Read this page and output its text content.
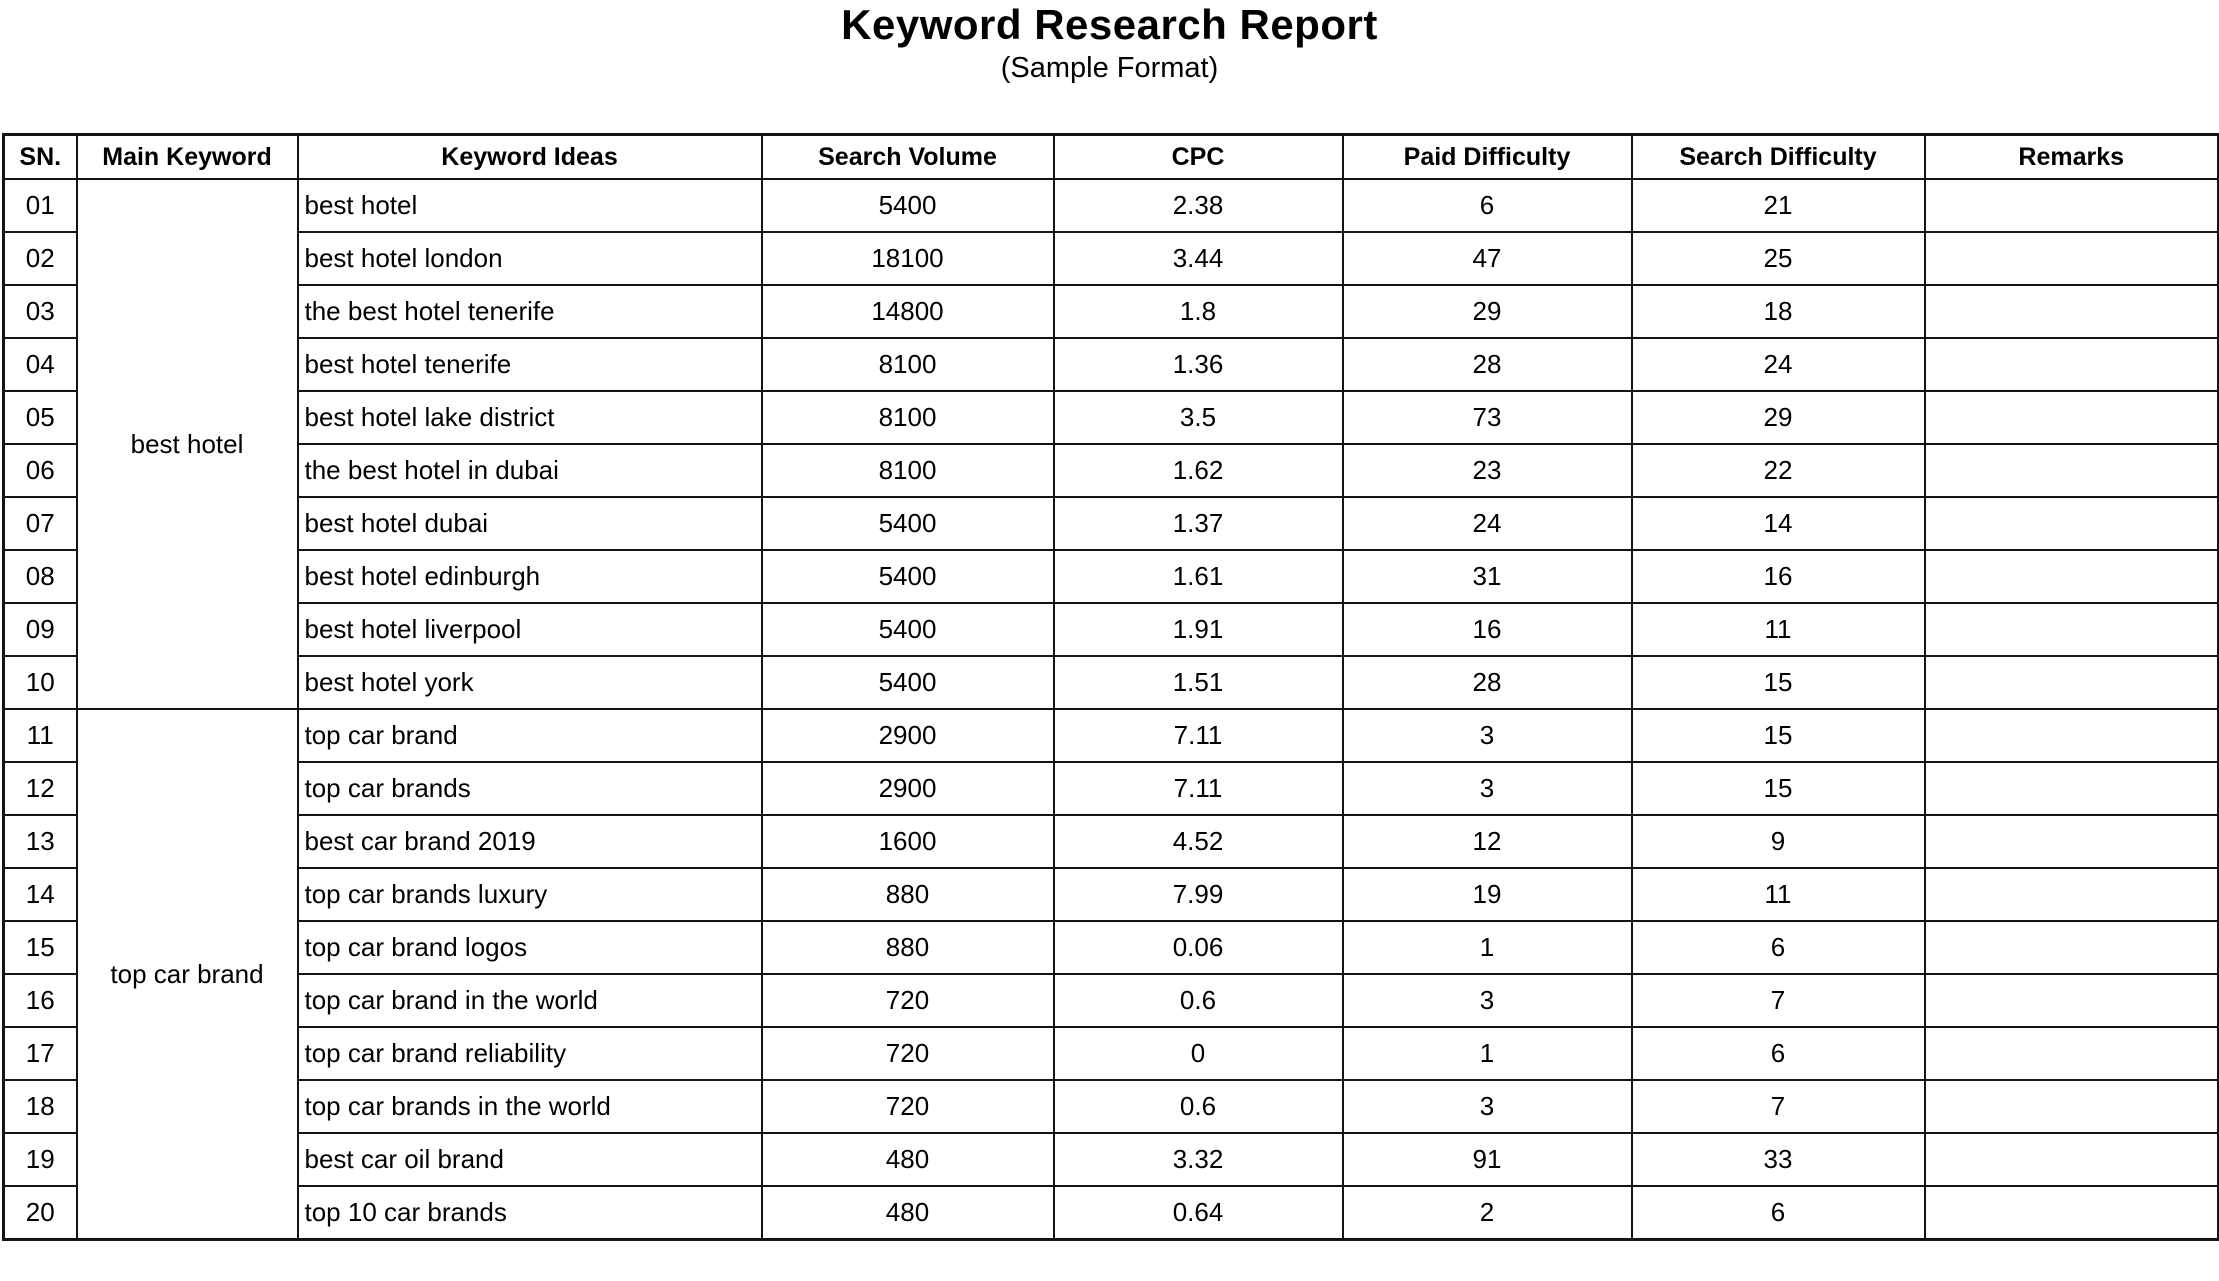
Keyword Research Report
(Sample Format)
SN.	Main Keyword	Keyword Ideas	Search Volume	CPC	Paid Difficulty	Search Difficulty	Remarks
01	best hotel	best hotel	5400	2.38	6	21	
02		best hotel london	18100	3.44	47	25	
03		the best hotel tenerife	14800	1.8	29	18	
04		best hotel tenerife	8100	1.36	28	24	
05		best hotel lake district	8100	3.5	73	29	
06		the best hotel in dubai	8100	1.62	23	22	
07		best hotel dubai	5400	1.37	24	14	
08		best hotel edinburgh	5400	1.61	31	16	
09		best hotel liverpool	5400	1.91	16	11	
10		best hotel york	5400	1.51	28	15	
11	top car brand	top car brand	2900	7.11	3	15	
12		top car brands	2900	7.11	3	15	
13		best car brand 2019	1600	4.52	12	9	
14		top car brands luxury	880	7.99	19	11	
15		top car brand logos	880	0.06	1	6	
16		top car brand in the world	720	0.6	3	7	
17		top car brand reliability	720	0	1	6	
18		top car brands in the world	720	0.6	3	7	
19		best car oil brand	480	3.32	91	33	
20		top 10 car brands	480	0.64	2	6	
